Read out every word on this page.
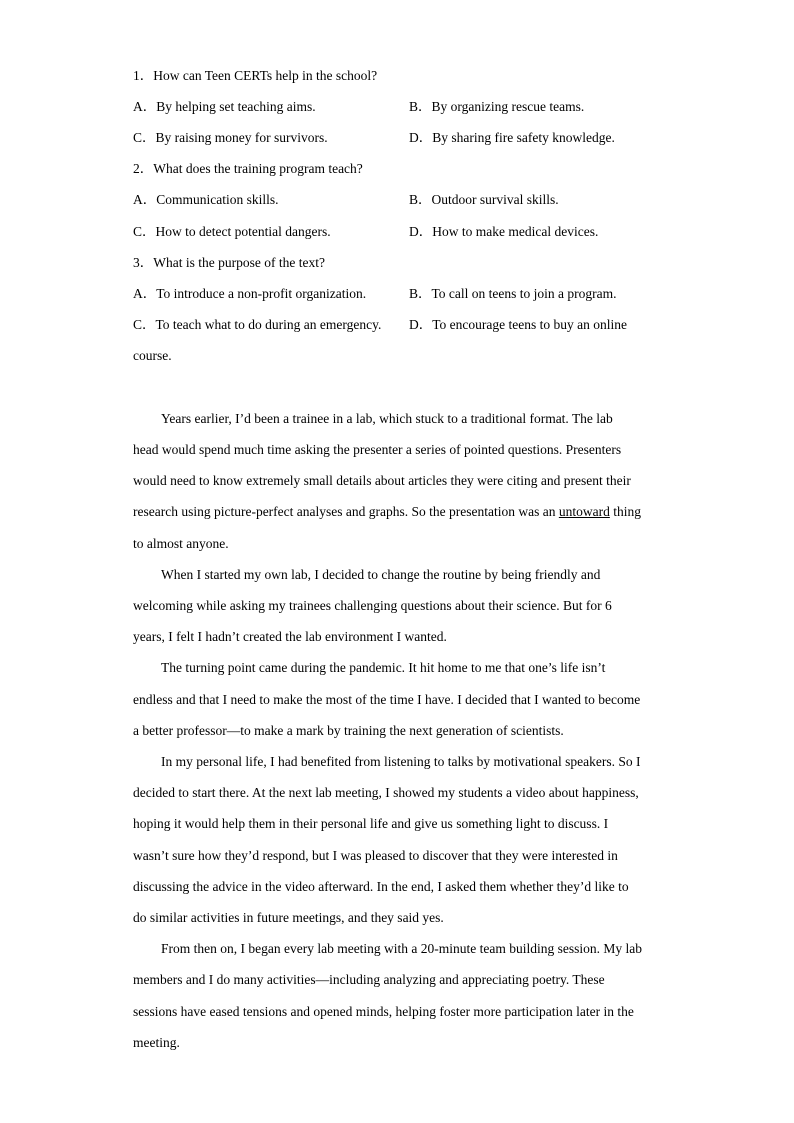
1．How can Teen CERTs help in the school?
A．By helping set teaching aims.	B．By organizing rescue teams.
C．By raising money for survivors.	D．By sharing fire safety knowledge.
2．What does the training program teach?
A．Communication skills.	B．Outdoor survival skills.
C．How to detect potential dangers.	D．How to make medical devices.
3．What is the purpose of the text?
A．To introduce a non-profit organization.	B．To call on teens to join a program.
C．To teach what to do during an emergency. D．To encourage teens to buy an online
course.
Years earlier, I’d been a trainee in a lab, which stuck to a traditional format. The lab
head would spend much time asking the presenter a series of pointed questions. Presenters
would need to know extremely small details about articles they were citing and present their
research using picture-perfect analyses and graphs. So the presentation was an untoward thing
to almost anyone.
When I started my own lab, I decided to change the routine by being friendly and
welcoming while asking my trainees challenging questions about their science. But for 6
years, I felt I hadn’t created the lab environment I wanted.
The turning point came during the pandemic. It hit home to me that one’s life isn’t
endless and that I need to make the most of the time I have. I decided that I wanted to become
a better professor—to make a mark by training the next generation of scientists.
In my personal life, I had benefited from listening to talks by motivational speakers. So I
decided to start there. At the next lab meeting, I showed my students a video about happiness,
hoping it would help them in their personal life and give us something light to discuss. I
wasn’t sure how they’d respond, but I was pleased to discover that they were interested in
discussing the advice in the video afterward. In the end, I asked them whether they’d like to
do similar activities in future meetings, and they said yes.
From then on, I began every lab meeting with a 20-minute team building session. My lab
members and I do many activities—including analyzing and appreciating poetry. These
sessions have eased tensions and opened minds, helping foster more participation later in the
meeting.
